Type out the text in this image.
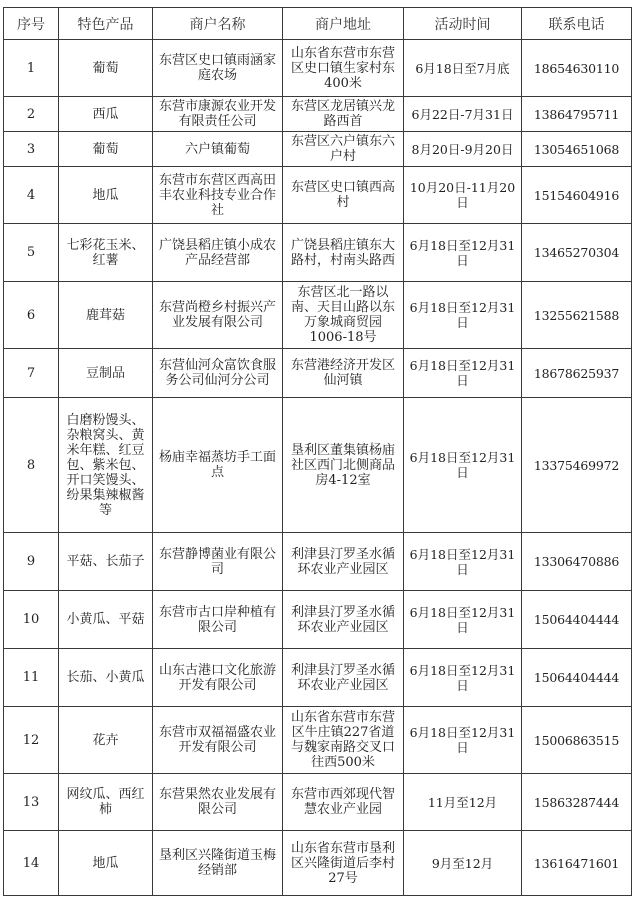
序号	特色产品	商户名称	商户地址	活动时间	联系电话
1	葡萄	东营区史口镇雨涵家庭农场	山东省东营市东营区史口镇生家村东400米	6月18日至7月底	18654630110
2	西瓜	东营市康源农业开发有限责任公司	东营区龙居镇兴龙路西首	6月22日-7月31日	13864795711
3	葡萄	六户镇葡萄	东营区六户镇东六户村	8月20日-9月20日	13054651068
4	地瓜	东营市东营区西高田丰农业科技专业合作社	东营区史口镇西高村	10月20日-11月20日	15154604916
5	七彩花玉米、红薯	广饶县稻庄镇小成农产品经营部	广饶县稻庄镇东大路村，村南头路西	6月18日至12月31日	13465270304
6	鹿茸菇	东营尚橙乡村振兴产业发展有限公司	东营区北一路以南、天目山路以东万象城商贸园1006-18号	6月18日至12月31日	13255621588
7	豆制品	东营仙河众富饮食服务公司仙河分公司	东营港经济开发区仙河镇	6月18日至12月31日	18678625937
8	白磨粉馒头、杂粮窝头、黄米年糕、红豆包、紫米包、开口笑馒头、纷果集辣椒酱等	杨庙幸福蒸坊手工面点	垦利区董集镇杨庙社区西门北侧商品房4-12室	6月18日至12月31日	13375469972
9	平菇、长茄子	东营静博菌业有限公司	利津县汀罗圣水循环农业产业园区	6月18日至12月31日	13306470886
10	小黄瓜、平菇	东营市古口岸种植有限公司	利津县汀罗圣水循环农业产业园区	6月18日至12月31日	15064404444
11	长茄、小黄瓜	山东古港口文化旅游开发有限公司	利津县汀罗圣水循环农业产业园区	6月18日至12月31日	15064404444
12	花卉	东营市双福福盛农业开发有限公司	山东省东营市东营区牛庄镇227省道与魏家南路交叉口往西500米	6月18日至12月31日	15006863515
13	网纹瓜、西红柿	东营果然农业发展有限公司	东营市西郊现代智慧农业产业园	11月至12月	15863287444
14	地瓜	垦利区兴隆街道玉梅经销部	山东省东营市垦利区兴隆街道后李村27号	9月至12月	13616471601
